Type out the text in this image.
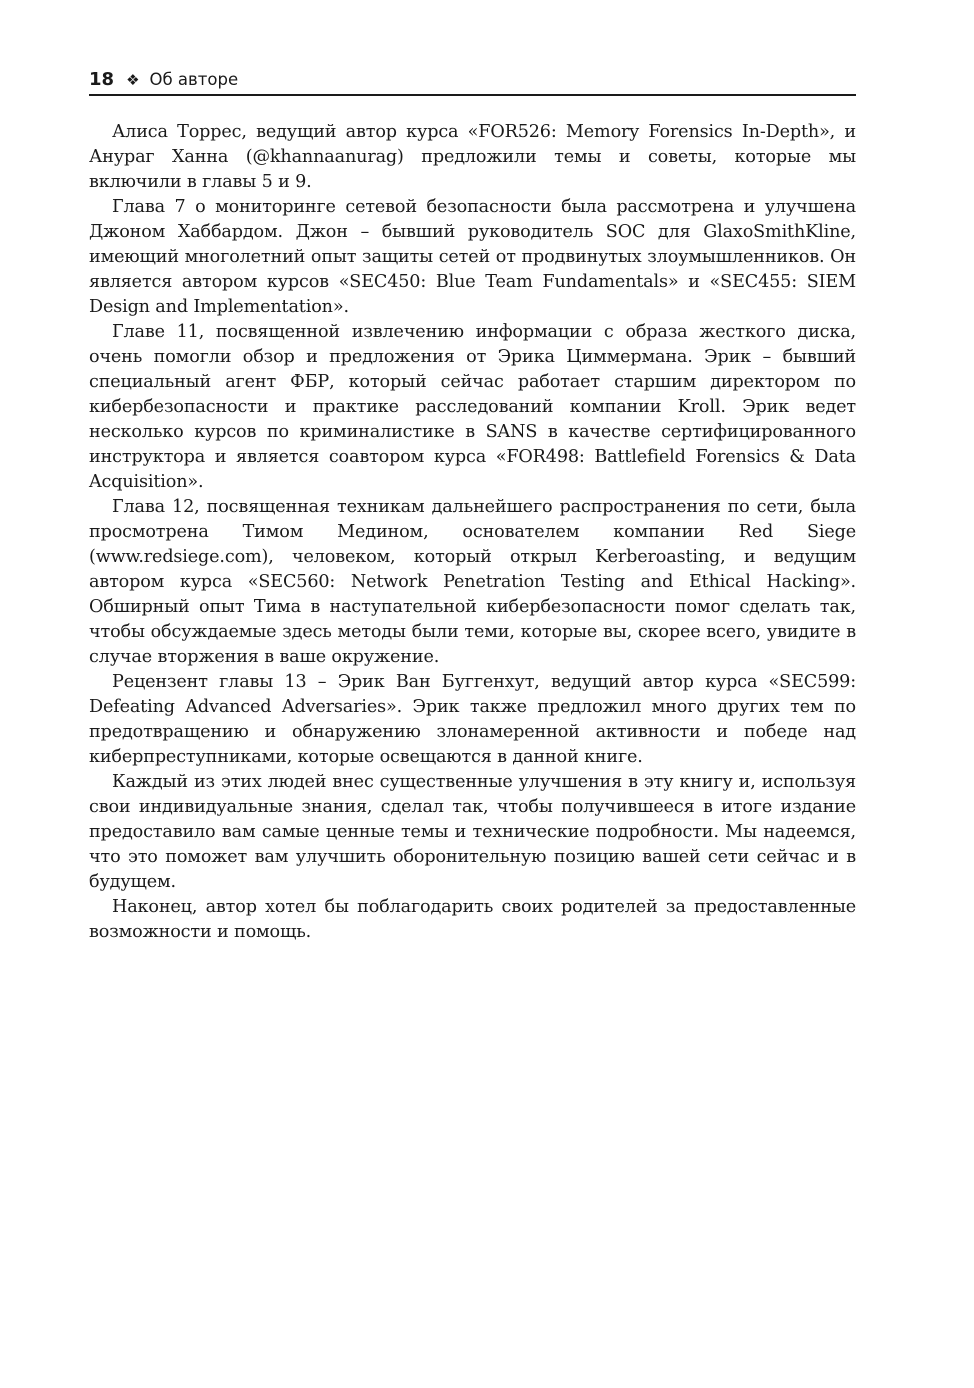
18 ❖ Об авторе

Алиса Торрес, ведущий автор курса «FOR526: Memory Forensics In-Depth», и Анураг Ханна (@khannaanurag) предложили темы и советы, которые мы включили в главы 5 и 9.

Глава 7 о мониторинге сетевой безопасности была рассмотрена и улучшена Джоном Хаббардом. Джон – бывший руководитель SOC для GlaxoSmithKline, имеющий многолетний опыт защиты сетей от продвинутых злоумышленников. Он является автором курсов «SEC450: Blue Team Fundamentals» и «SEC455: SIEM Design and Implementation».

Главе 11, посвященной извлечению информации с образа жесткого диска, очень помогли обзор и предложения от Эрика Циммермана. Эрик – бывший специальный агент ФБР, который сейчас работает старшим директором по кибербезопасности и практике расследований компании Kroll. Эрик ведет несколько курсов по криминалистике в SANS в качестве сертифицированного инструктора и является соавтором курса «FOR498: Battlefield Forensics & Data Acquisition».

Глава 12, посвященная техникам дальнейшего распространения по сети, была просмотрена Тимом Медином, основателем компании Red Siege (www.redsiege.com), человеком, который открыл Kerberoasting, и ведущим автором курса «SEC560: Network Penetration Testing and Ethical Hacking». Обширный опыт Тима в наступательной кибербезопасности помог сделать так, чтобы обсуждаемые здесь методы были теми, которые вы, скорее всего, увидите в случае вторжения в ваше окружение.

Рецензент главы 13 – Эрик Ван Буггенхут, ведущий автор курса «SEC599: Defeating Advanced Adversaries». Эрик также предложил много других тем по предотвращению и обнаружению злонамеренной активности и победе над киберпреступниками, которые освещаются в данной книге.

Каждый из этих людей внес существенные улучшения в эту книгу и, используя свои индивидуальные знания, сделал так, чтобы получившееся в итоге издание предоставило вам самые ценные темы и технические подробности. Мы надеемся, что это поможет вам улучшить оборонительную позицию вашей сети сейчас и в будущем.

Наконец, автор хотел бы поблагодарить своих родителей за предоставленные возможности и помощь.
